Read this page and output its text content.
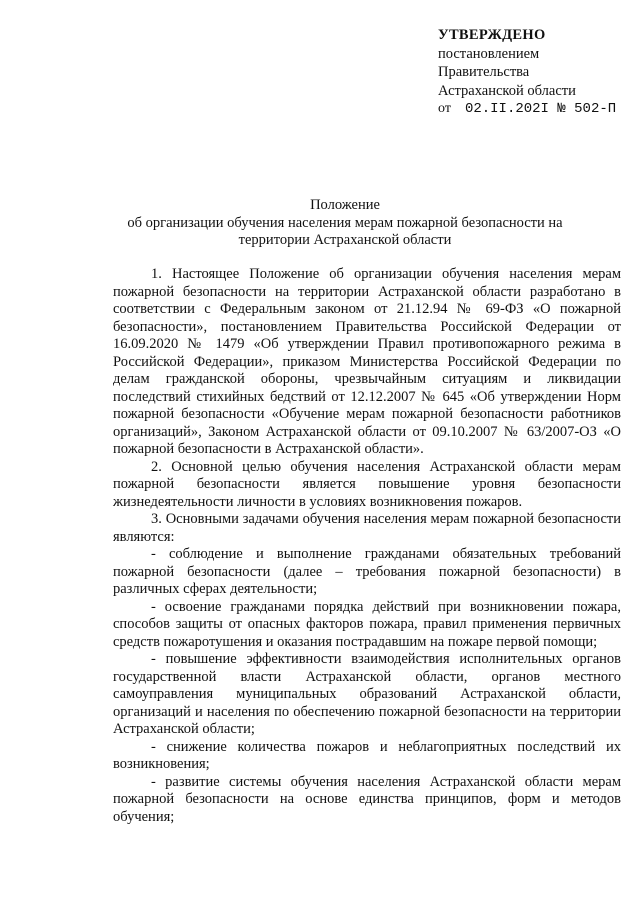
УТВЕРЖДЕНО
постановлением
Правительства
Астраханской области
от 02.II.202I № 502-П
Положение
об организации обучения населения мерам пожарной безопасности на
территории Астраханской области

1. Настоящее Положение об организации обучения населения мерам пожарной безопасности на территории Астраханской области разработано в соответствии с Федеральным законом от 21.12.94 № 69-ФЗ «О пожарной безопасности», постановлением Правительства Российской Федерации от 16.09.2020 № 1479 «Об утверждении Правил противопожарного режима в Российской Федерации», приказом Министерства Российской Федерации по делам гражданской обороны, чрезвычайным ситуациям и ликвидации последствий стихийных бедствий от 12.12.2007 № 645 «Об утверждении Норм пожарной безопасности «Обучение мерам пожарной безопасности работников организаций», Законом Астраханской области от 09.10.2007 № 63/2007-ОЗ «О пожарной безопасности в Астраханской области».

2. Основной целью обучения населения Астраханской области мерам пожарной безопасности является повышение уровня безопасности жизнедеятельности личности в условиях возникновения пожаров.

3. Основными задачами обучения населения мерам пожарной безопасности являются:

- соблюдение и выполнение гражданами обязательных требований пожарной безопасности (далее – требования пожарной безопасности) в различных сферах деятельности;

- освоение гражданами порядка действий при возникновении пожара, способов защиты от опасных факторов пожара, правил применения первичных средств пожаротушения и оказания пострадавшим на пожаре первой помощи;

- повышение эффективности взаимодействия исполнительных органов государственной власти Астраханской области, органов местного самоуправления муниципальных образований Астраханской области, организаций и населения по обеспечению пожарной безопасности на территории Астраханской области;

- снижение количества пожаров и неблагоприятных последствий их возникновения;

- развитие системы обучения населения Астраханской области мерам пожарной безопасности на основе единства принципов, форм и методов обучения;
